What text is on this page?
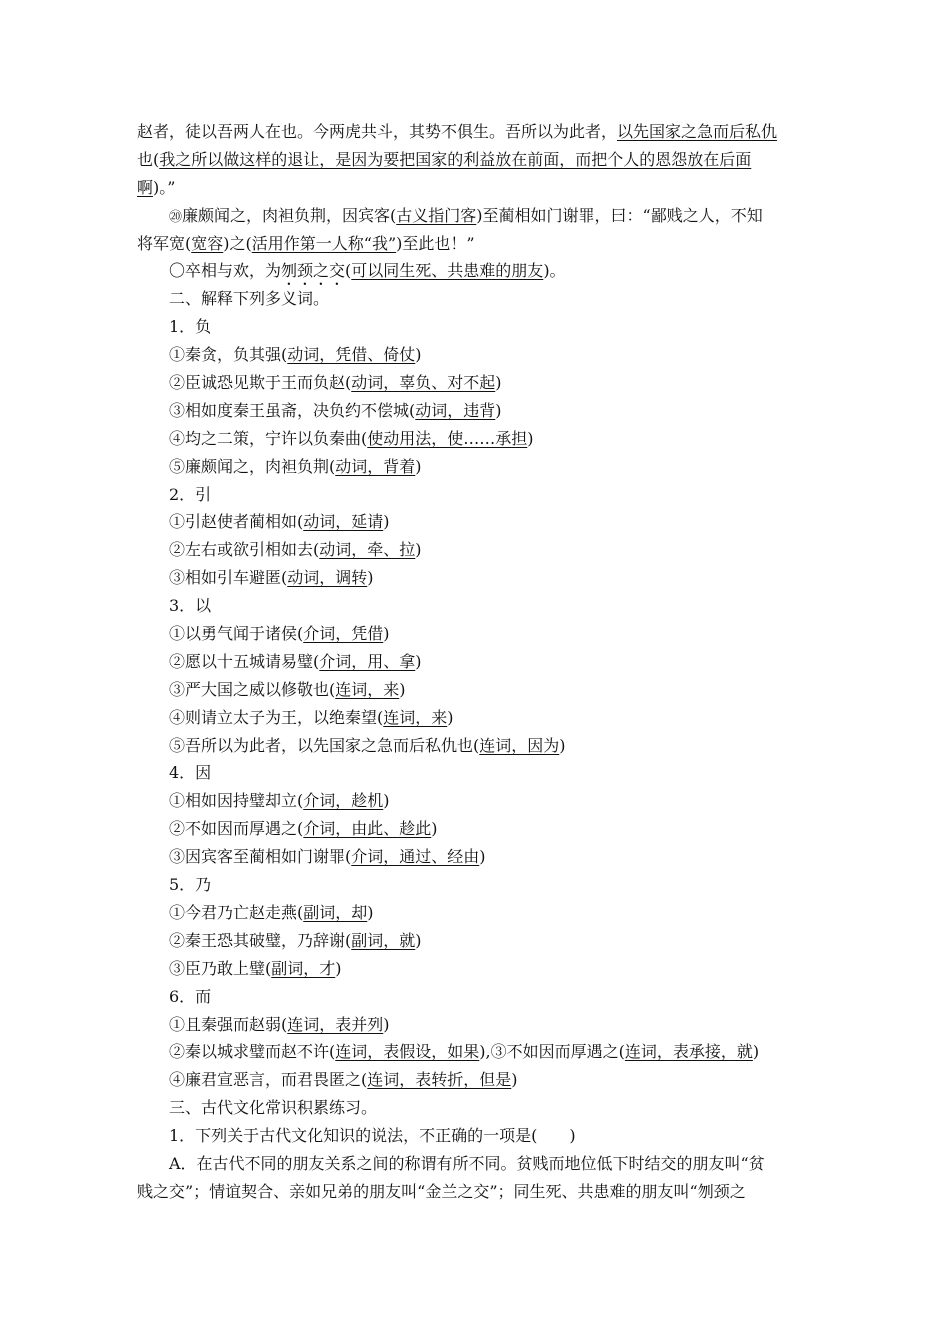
赵者，徒以吾两人在也。今两虎共斗，其势不俱生。吾所以为此者，以先国家之急而后私仇
也(我之所以做这样的退让，是因为要把国家的利益放在前面，而把个人的恩怨放在后面
啊)。”
⑳廉颇闻之，肉袒负荆，因宾客(古义指门客)至蔺相如门谢罪，曰：“鄙贱之人，不知
将军宽(宽容)之(活用作第一人称“我”)至此也！”
〇卒相与欢，为刎颈之交(可以同生死、共患难的朋友)。
二、解释下列多义词。
1．负
①秦贪，负其强(动词，凭借、倚仗)
②臣诚恐见欺于王而负赵(动词，辜负、对不起)
③相如度秦王虽斋，决负约不偿城(动词，违背)
④均之二策，宁许以负秦曲(使动用法，使……承担)
⑤廉颇闻之，肉袒负荆(动词，背着)
2．引
①引赵使者蔺相如(动词，延请)
②左右或欲引相如去(动词，牵、拉)
③相如引车避匿(动词，调转)
3．以
①以勇气闻于诸侯(介词，凭借)
②愿以十五城请易璧(介词，用、拿)
③严大国之威以修敬也(连词，来)
④则请立太子为王，以绝秦望(连词，来)
⑤吾所以为此者，以先国家之急而后私仇也(连词，因为)
4．因
①相如因持璧却立(介词，趁机)
②不如因而厚遇之(介词，由此、趁此)
③因宾客至蔺相如门谢罪(介词，通过、经由)
5．乃
①今君乃亡赵走燕(副词，却)
②秦王恐其破璧，乃辞谢(副词，就)
③臣乃敢上璧(副词，才)
6．而
①且秦强而赵弱(连词，表并列)
②秦以城求璧而赵不许(连词，表假设，如果),③不如因而厚遇之(连词，表承接，就)
④廉君宣恶言，而君畏匿之(连词，表转折，但是)
三、古代文化常识积累练习。
1．下列关于古代文化知识的说法，不正确的一项是(　　)
A．在古代不同的朋友关系之间的称谓有所不同。贫贱而地位低下时结交的朋友叫“贫
贱之交”；情谊契合、亲如兄弟的朋友叫“金兰之交”；同生死、共患难的朋友叫“刎颈之
